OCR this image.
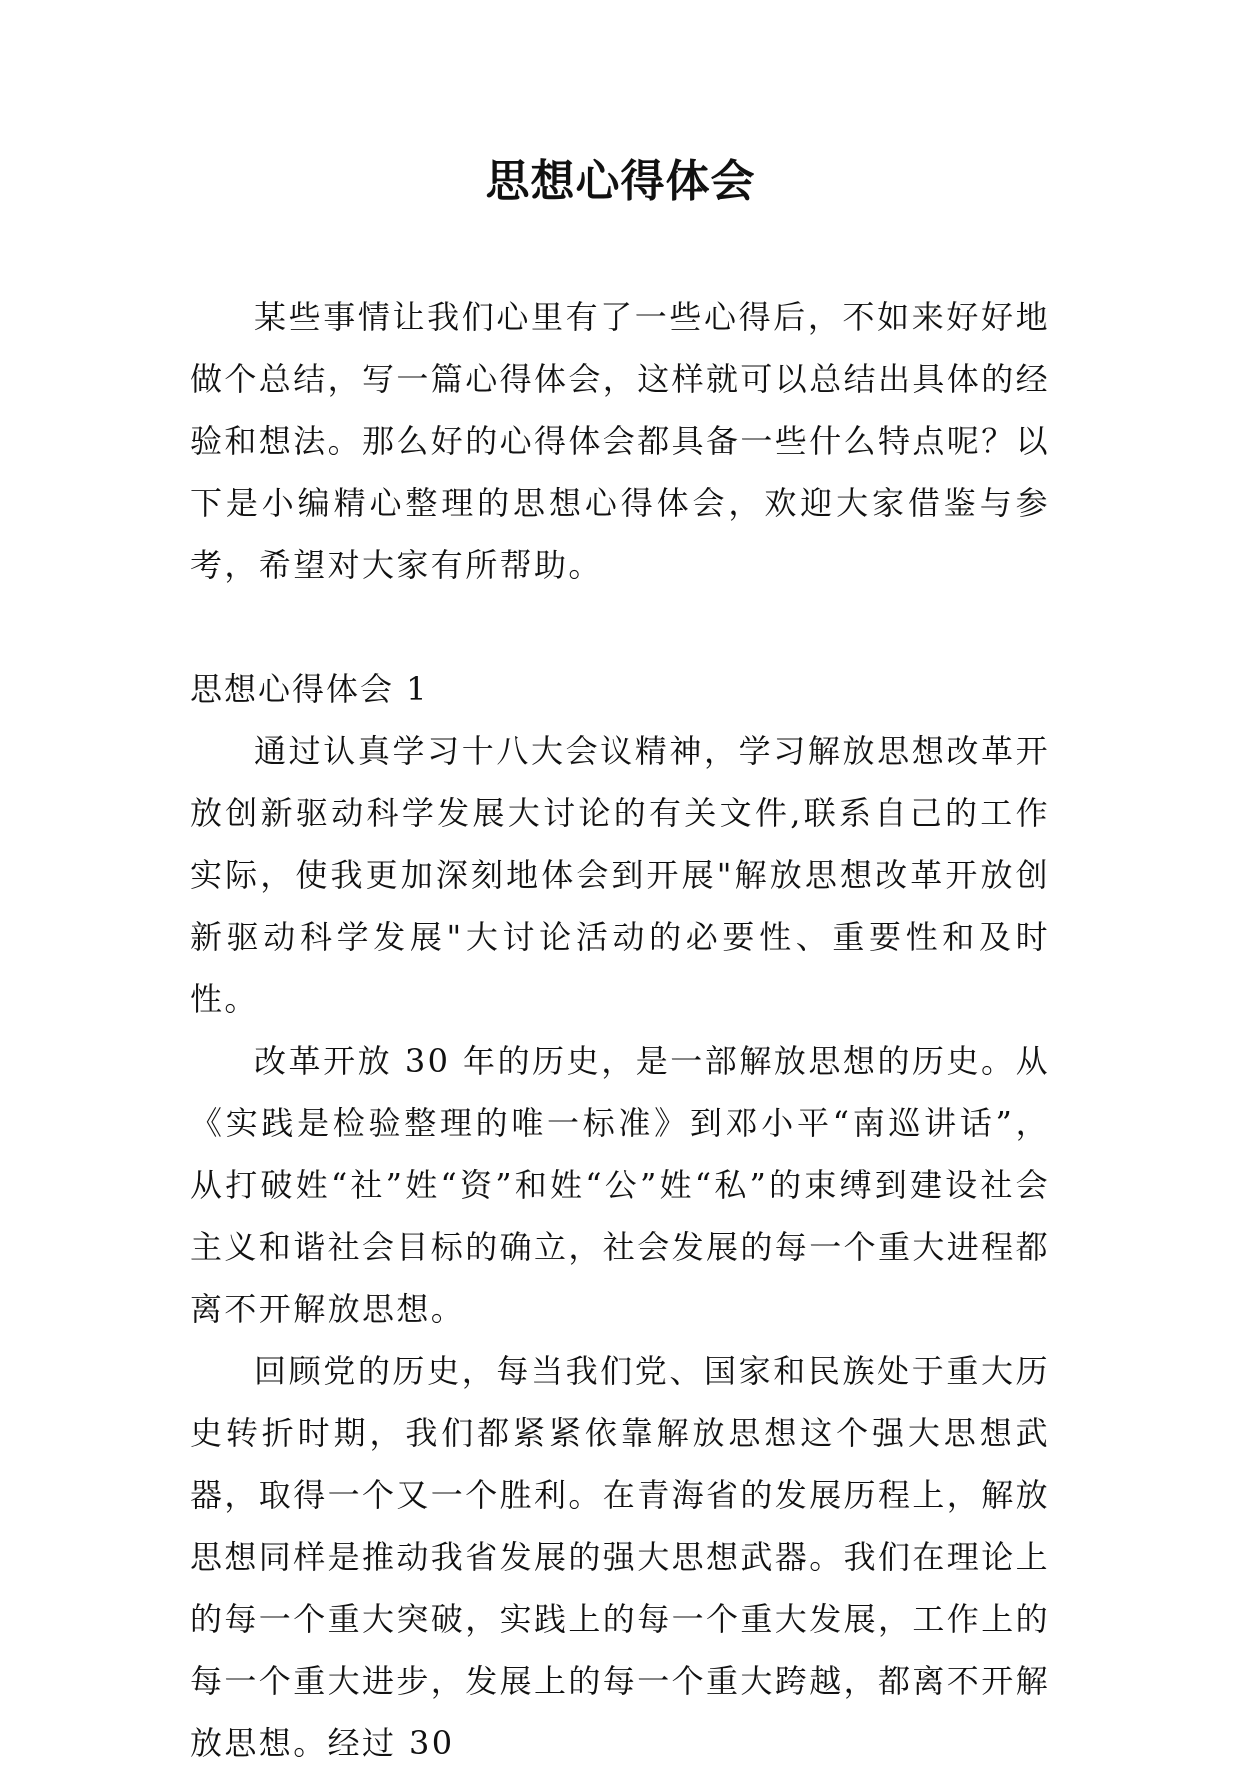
思想心得体会

某些事情让我们心里有了一些心得后，不如来好好地做个总结，写一篇心得体会，这样就可以总结出具体的经验和想法。那么好的心得体会都具备一些什么特点呢？以下是小编精心整理的思想心得体会，欢迎大家借鉴与参考，希望对大家有所帮助。

思想心得体会 1

通过认真学习十八大会议精神，学习解放思想改革开放创新驱动科学发展大讨论的有关文件,联系自己的工作实际，使我更加深刻地体会到开展"解放思想改革开放创新驱动科学发展"大讨论活动的必要性、重要性和及时性。

改革开放 30 年的历史，是一部解放思想的历史。从《实践是检验整理的唯一标准》到邓小平“南巡讲话”，从打破姓“社”姓“资”和姓“公”姓“私”的束缚到建设社会主义和谐社会目标的确立，社会发展的每一个重大进程都离不开解放思想。

回顾党的历史，每当我们党、国家和民族处于重大历史转折时期，我们都紧紧依靠解放思想这个强大思想武器，取得一个又一个胜利。在青海省的发展历程上，解放思想同样是推动我省发展的强大思想武器。我们在理论上的每一个重大突破，实践上的每一个重大发展，工作上的每一个重大进步，发展上的每一个重大跨越，都离不开解放思想。经过 30
